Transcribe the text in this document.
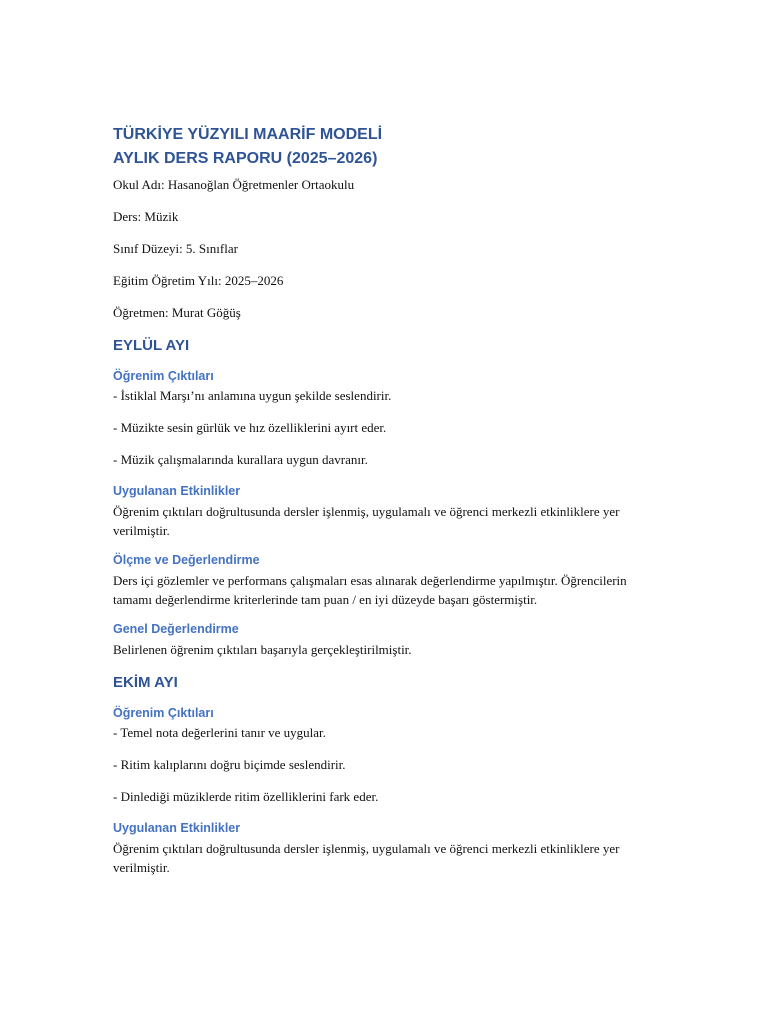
TÜRKİYE YÜZYILI MAARİF MODELİ
AYLIK DERS RAPORU (2025–2026)

Okul Adı: Hasanoğlan Öğretmenler Ortaokulu

Ders: Müzik

Sınıf Düzeyi: 5. Sınıflar

Eğitim Öğretim Yılı: 2025–2026

Öğretmen: Murat Göğüş

EYLÜL AYI
Öğrenim Çıktıları

- İstiklal Marşı’nı anlamına uygun şekilde seslendirir.

- Müzikte sesin gürlük ve hız özelliklerini ayırt eder.

- Müzik çalışmalarında kurallara uygun davranır.

Uygulanan Etkinlikler

Öğrenim çıktıları doğrultusunda dersler işlenmiş, uygulamalı ve öğrenci merkezli etkinliklere yer verilmiştir.

Ölçme ve Değerlendirme

Ders içi gözlemler ve performans çalışmaları esas alınarak değerlendirme yapılmıştır. Öğrencilerin tamamı değerlendirme kriterlerinde tam puan / en iyi düzeyde başarı göstermiştir.

Genel Değerlendirme

Belirlenen öğrenim çıktıları başarıyla gerçekleştirilmiştir.

EKİM AYI
Öğrenim Çıktıları

- Temel nota değerlerini tanır ve uygular.

- Ritim kalıplarını doğru biçimde seslendirir.

- Dinlediği müziklerde ritim özelliklerini fark eder.

Uygulanan Etkinlikler

Öğrenim çıktıları doğrultusunda dersler işlenmiş, uygulamalı ve öğrenci merkezli etkinliklere yer verilmiştir.
